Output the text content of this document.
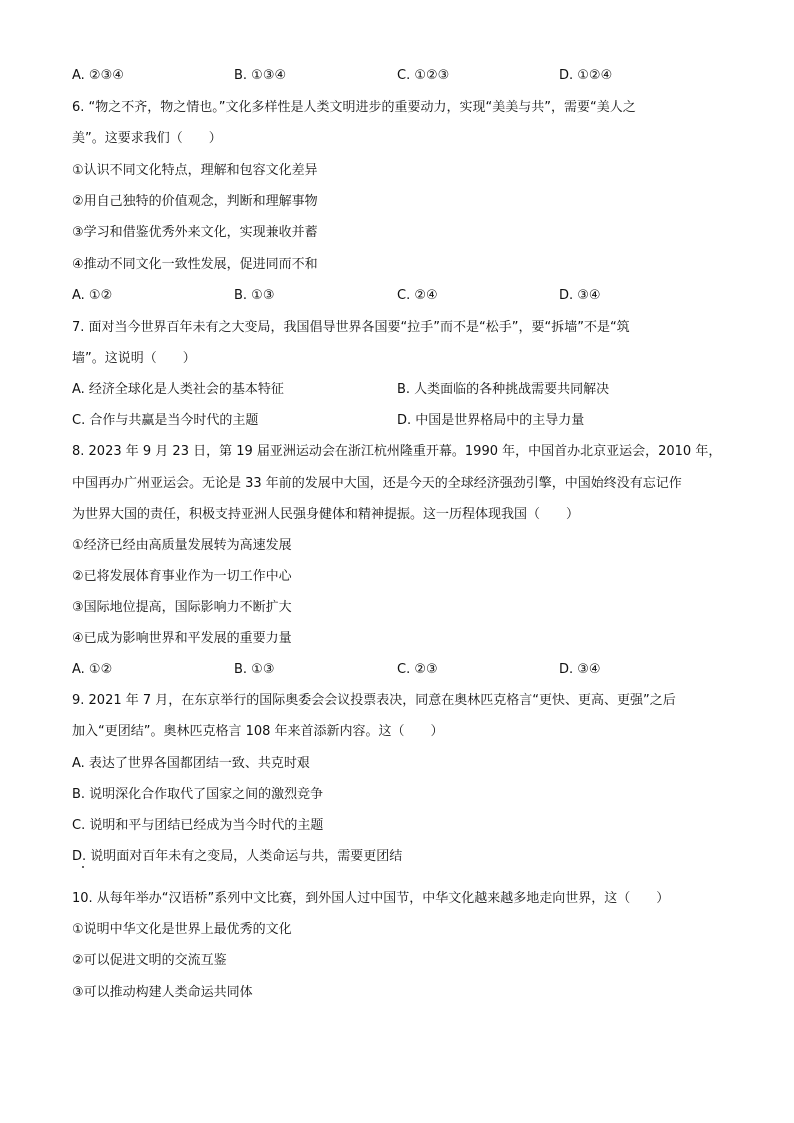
A. ②③④	B. ①③④	C. ①②③	D. ①②④
6. “物之不齐，物之情也。”文化多样性是人类文明进步的重要动力，实现“美美与共”，需要“美人之
美”。这要求我们（　　）
①认识不同文化特点，理解和包容文化差异
②用自己独特的价值观念，判断和理解事物
③学习和借鉴优秀外来文化，实现兼收并蓄
④推动不同文化一致性发展，促进同而不和
A. ①②	B. ①③	C. ②④	D. ③④
7. 面对当今世界百年未有之大变局，我国倡导世界各国要“拉手”而不是“松手”，要“拆墙”不是“筑
墙”。这说明（　　）
A. 经济全球化是人类社会的基本特征	B. 人类面临的各种挑战需要共同解决
C. 合作与共赢是当今时代的主题	D. 中国是世界格局中的主导力量
8. 2023 年 9 月 23 日，第 19 届亚洲运动会在浙江杭州隆重开幕。1990 年，中国首办北京亚运会，2010 年，
中国再办广州亚运会。无论是 33 年前的发展中大国，还是今天的全球经济强劲引擎，中国始终没有忘记作
为世界大国的责任，积极支持亚洲人民强身健体和精神提振。这一历程体现我国（　　）
①经济已经由高质量发展转为高速发展
②已将发展体育事业作为一切工作中心
③国际地位提高，国际影响力不断扩大
④已成为影响世界和平发展的重要力量
A. ①②	B. ①③	C. ②③	D. ③④
9. 2021 年 7 月，在东京举行的国际奥委会会议投票表决，同意在奥林匹克格言“更快、更高、更强”之后
加入“更团结”。奥林匹克格言 108 年来首添新内容。这（　　）
A. 表达了世界各国都团结一致、共克时艰
B. 说明深化合作取代了国家之间的激烈竞争
C. 说明和平与团结已经成为当今时代的主题
D. 说明面对百年未有之变局，人类命运与共，需要更团结
10. 从每年举办“汉语桥”系列中文比赛，到外国人过中国节，中华文化越来越多地走向世界，这（　　）
①说明中华文化是世界上最优秀的文化
②可以促进文明的交流互鉴
③可以推动构建人类命运共同体
